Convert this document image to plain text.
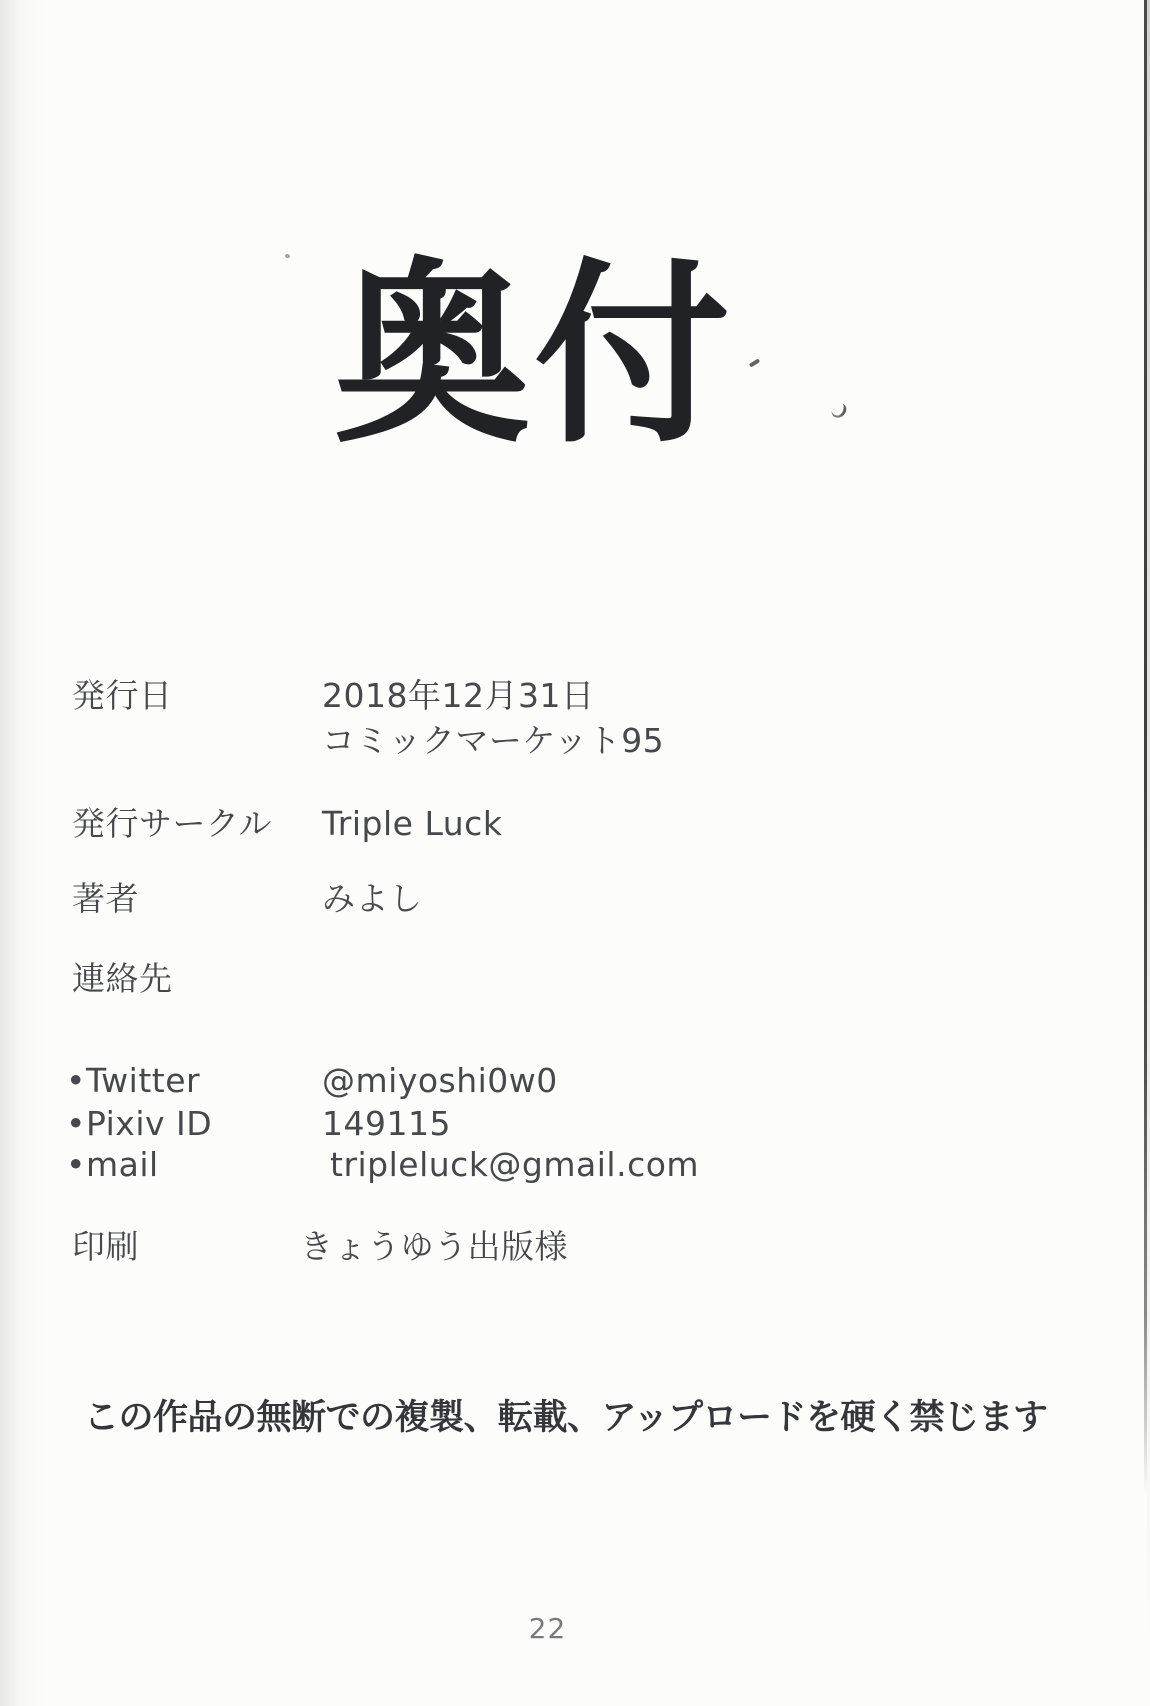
奥付
発行日	2018年12月31日
コミックマーケット95
発行サークル Triple Luck
著者	みよし
連絡先
•Twitter	@miyoshi0w0
•Pixiv ID	149115
•mail	tripleluck@gmail.com
印刷	きょうゆう出版様
この作品の無断での複製、転載、アップロードを硬く禁じます
22
